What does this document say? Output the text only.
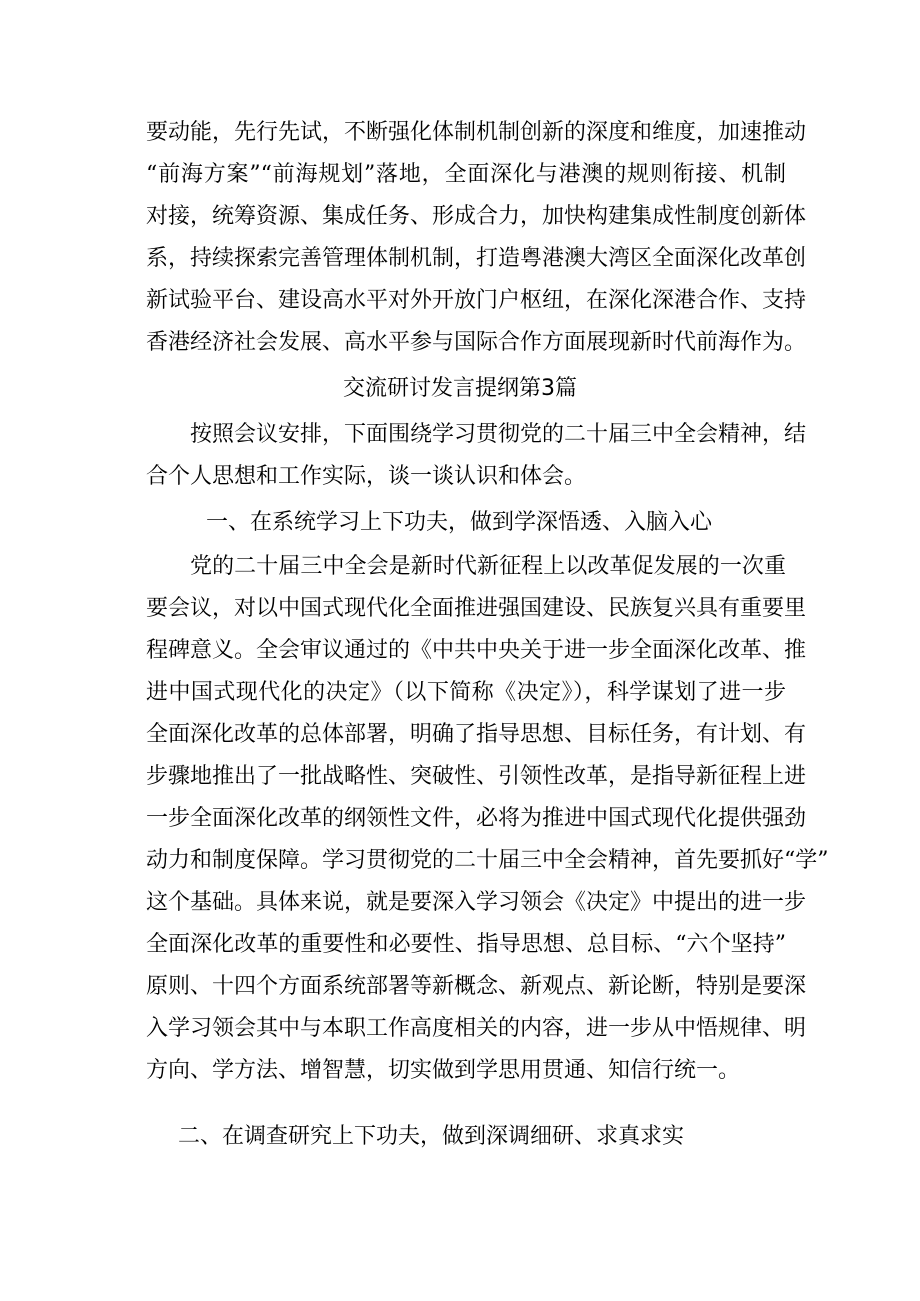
要动能，先行先试，不断强化体制机制创新的深度和维度，加速推动
“前海方案”“前海规划”落地，全面深化与港澳的规则衔接、机制
对接，统筹资源、集成任务、形成合力，加快构建集成性制度创新体
系，持续探索完善管理体制机制，打造粤港澳大湾区全面深化改革创
新试验平台、建设高水平对外开放门户枢纽，在深化深港合作、支持
香港经济社会发展、高水平参与国际合作方面展现新时代前海作为。
交流研讨发言提纲第3篇
按照会议安排，下面围绕学习贯彻党的二十届三中全会精神，结
合个人思想和工作实际，谈一谈认识和体会。
一、在系统学习上下功夫，做到学深悟透、入脑入心
党的二十届三中全会是新时代新征程上以改革促发展的一次重
要会议，对以中国式现代化全面推进强国建设、民族复兴具有重要里
程碑意义。全会审议通过的《中共中央关于进一步全面深化改革、推
进中国式现代化的决定》（以下简称《决定》），科学谋划了进一步
全面深化改革的总体部署，明确了指导思想、目标任务，有计划、有
步骤地推出了一批战略性、突破性、引领性改革，是指导新征程上进
一步全面深化改革的纲领性文件，必将为推进中国式现代化提供强劲
动力和制度保障。学习贯彻党的二十届三中全会精神，首先要抓好“学”
这个基础。具体来说，就是要深入学习领会《决定》中提出的进一步
全面深化改革的重要性和必要性、指导思想、总目标、“六个坚持”
原则、十四个方面系统部署等新概念、新观点、新论断，特别是要深
入学习领会其中与本职工作高度相关的内容，进一步从中悟规律、明
方向、学方法、增智慧，切实做到学思用贯通、知信行统一。
二、在调查研究上下功夫，做到深调细研、求真求实
